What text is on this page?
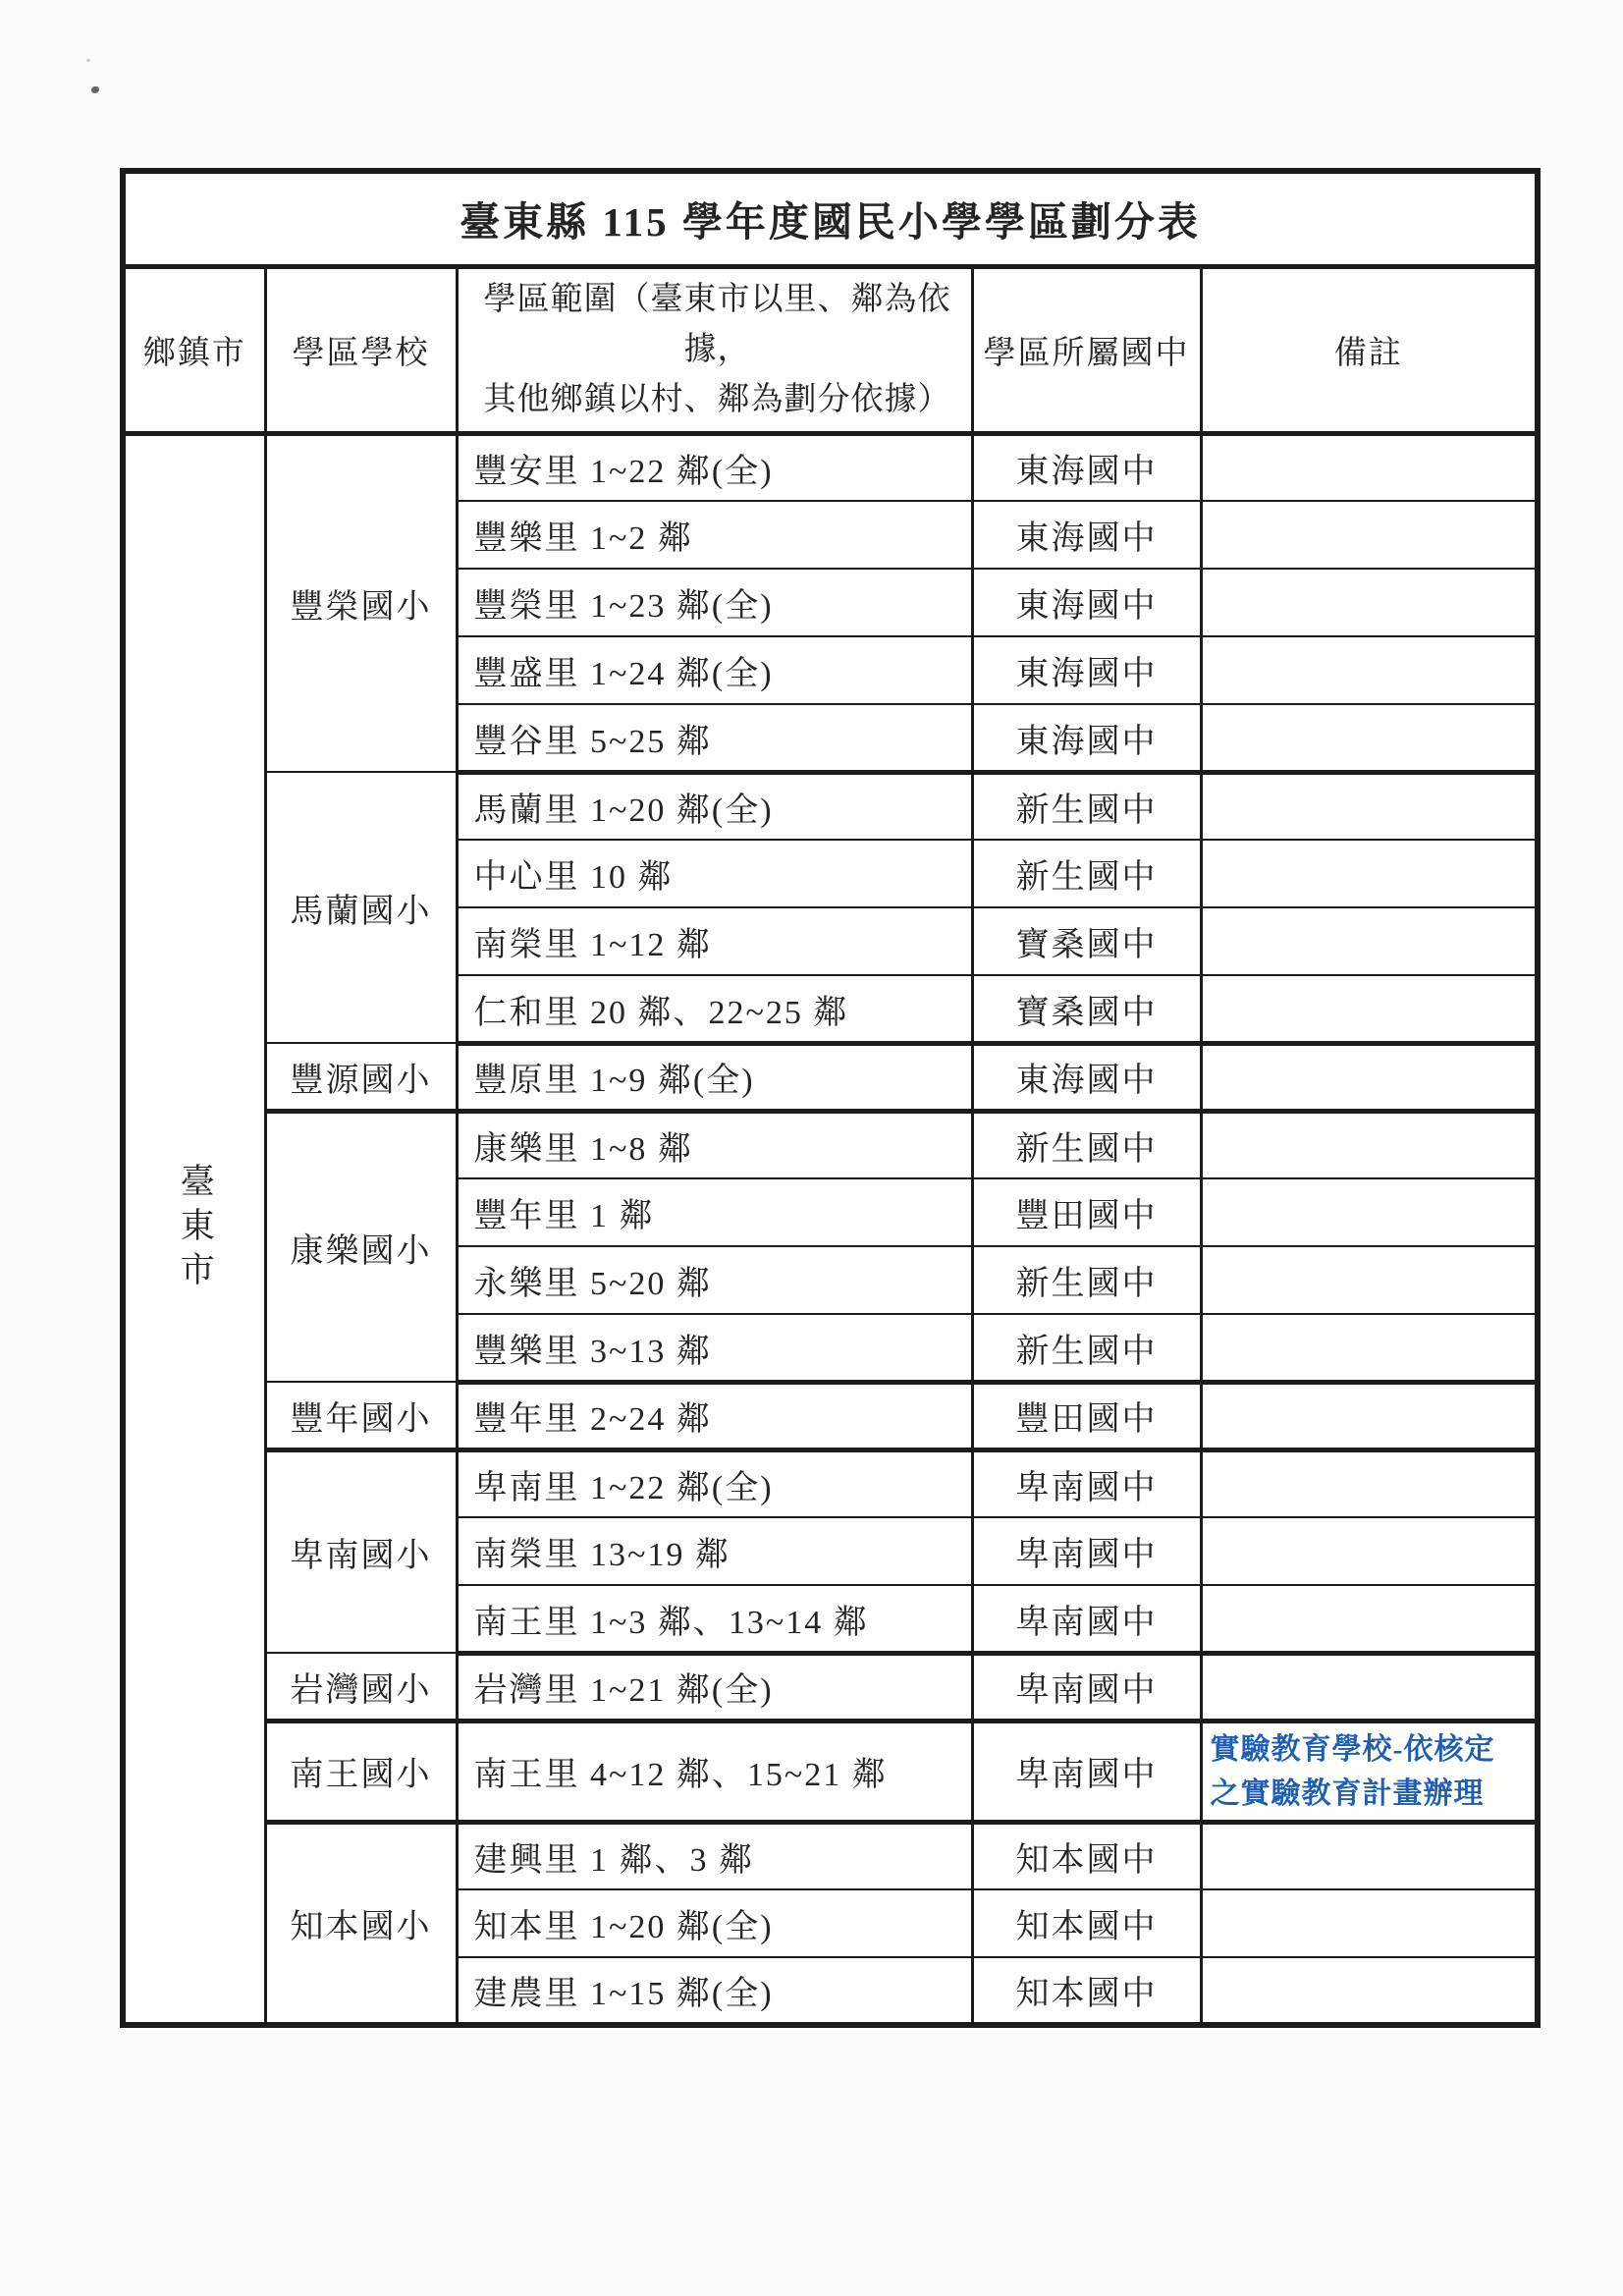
臺東縣 115 學年度國民小學學區劃分表				
鄉鎮市	學區學校	學區範圍（臺東市以里、鄰為依據，
其他鄉鎮以村、鄰為劃分依據）	學區所屬國中	備註
臺東市	豐榮國小	豐安里 1~22 鄰(全)	東海國中	
		豐樂里 1~2 鄰	東海國中	
		豐榮里 1~23 鄰(全)	東海國中	
		豐盛里 1~24 鄰(全)	東海國中	
		豐谷里 5~25 鄰	東海國中	
	馬蘭國小	馬蘭里 1~20 鄰(全)	新生國中	
		中心里 10 鄰	新生國中	
		南榮里 1~12 鄰	寶桑國中	
		仁和里 20 鄰、22~25 鄰	寶桑國中	
	豐源國小	豐原里 1~9 鄰(全)	東海國中	
	康樂國小	康樂里 1~8 鄰	新生國中	
		豐年里 1 鄰	豐田國中	
		永樂里 5~20 鄰	新生國中	
		豐樂里 3~13 鄰	新生國中	
	豐年國小	豐年里 2~24 鄰	豐田國中	
	卑南國小	卑南里 1~22 鄰(全)	卑南國中	
		南榮里 13~19 鄰	卑南國中	
		南王里 1~3 鄰、13~14 鄰	卑南國中	
	岩灣國小	岩灣里 1~21 鄰(全)	卑南國中	
	南王國小	南王里 4~12 鄰、15~21 鄰	卑南國中	實驗教育學校-依核定
之實驗教育計畫辦理

	知本國小	建興里 1 鄰、3 鄰	知本國中	
		知本里 1~20 鄰(全)	知本國中	
		建農里 1~15 鄰(全)	知本國中	
